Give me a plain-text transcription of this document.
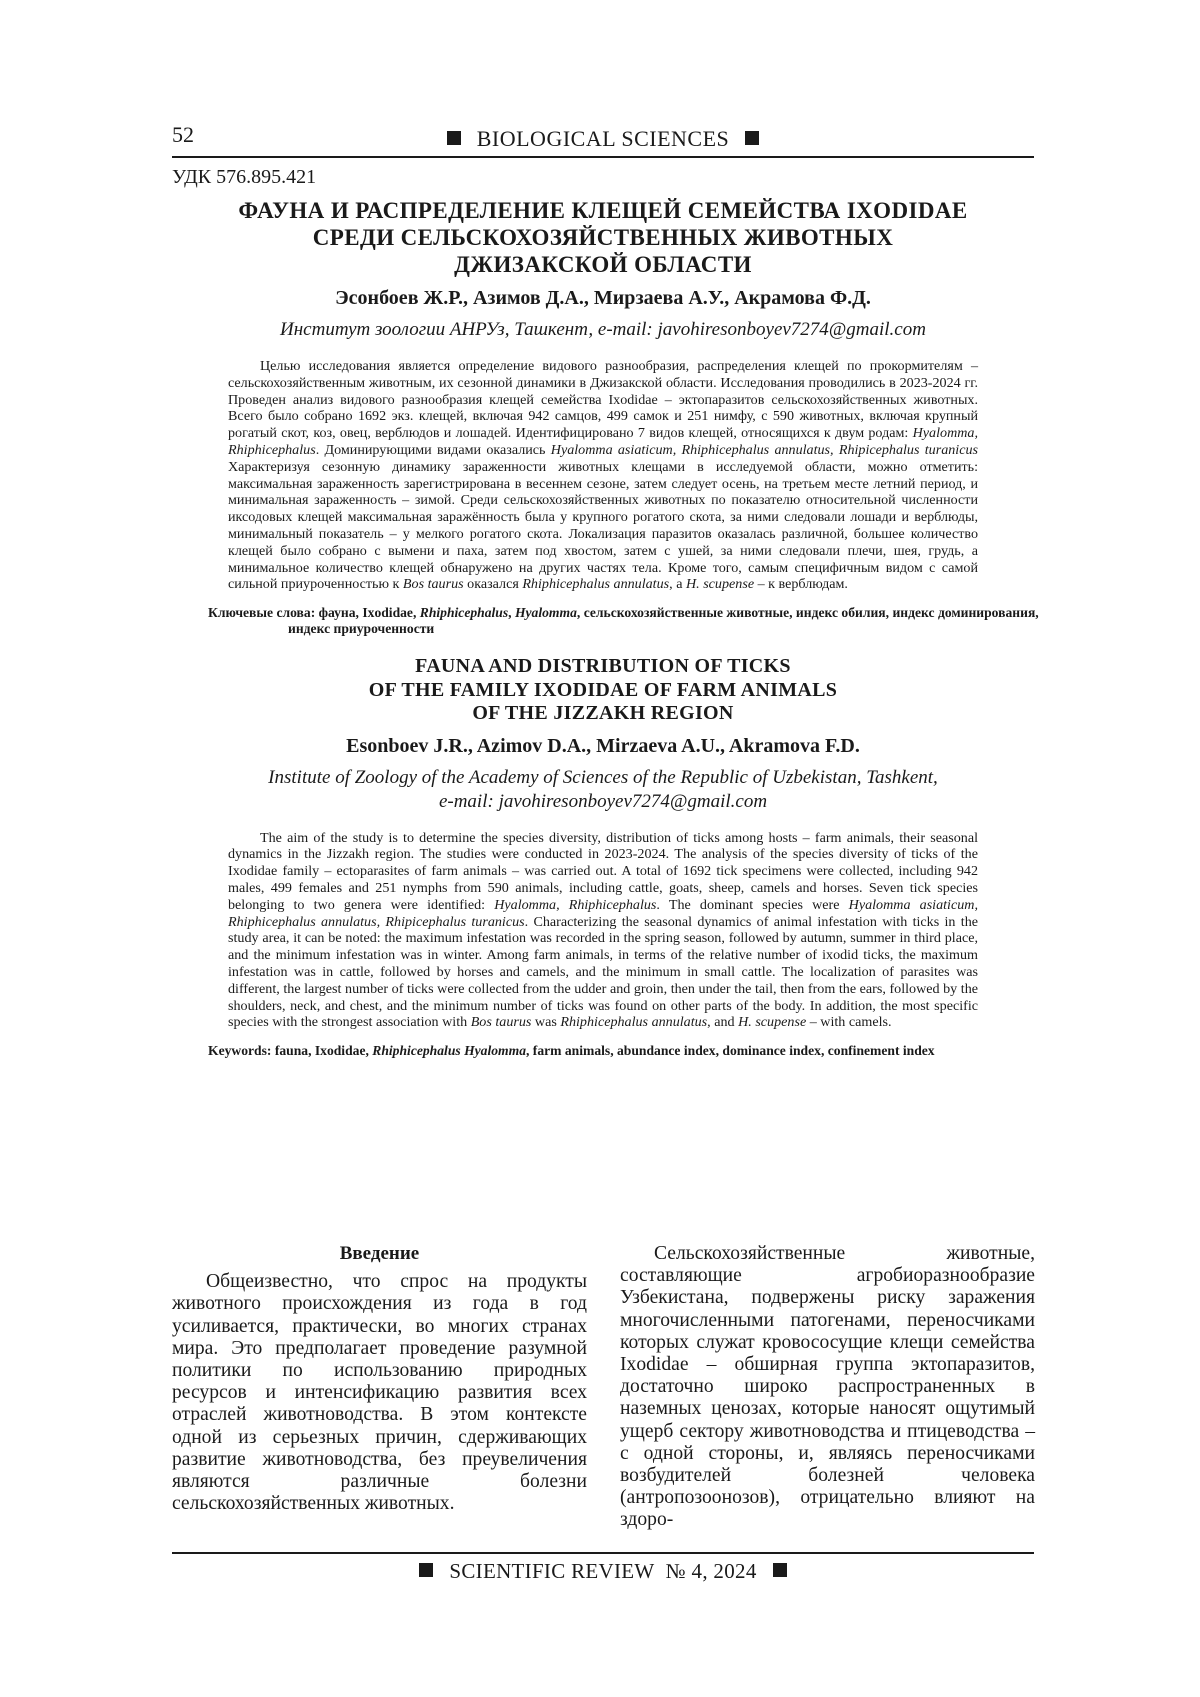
52	BIOLOGICAL SCIENCES
УДК 576.895.421
ФАУНА И РАСПРЕДЕЛЕНИЕ КЛЕЩЕЙ СЕМЕЙСТВА IXODIDAE
СРЕДИ СЕЛЬСКОХОЗЯЙСТВЕННЫХ ЖИВОТНЫХ
ДЖИЗАКСКОЙ ОБЛАСТИ
Эсонбоев Ж.Р., Азимов Д.А., Мирзаева А.У., Акрамова Ф.Д.
Институт зоологии АНРУз, Ташкент, e-mail: javohiresonboyev7274@gmail.com
Целью исследования является определение видового разнообразия, распределения клещей по прокормителям – сельскохозяйственным животным, их сезонной динамики в Джизакской области. Исследования проводились в 2023-2024 гг. Проведен анализ видового разнообразия клещей семейства Ixodidae – эктопаразитов сельскохозяйственных животных. Всего было собрано 1692 экз. клещей, включая 942 самцов, 499 самок и 251 нимфу, с 590 животных, включая крупный рогатый скот, коз, овец, верблюдов и лошадей. Идентифицировано 7 видов клещей, относящихся к двум родам: Hyalomma, Rhiphicephalus. Доминирующими видами оказались Hyalomma asiaticum, Rhiphicephalus annulatus, Rhipicephalus turanicus Характеризуя сезонную динамику зараженности животных клещами в исследуемой области, можно отметить: максимальная зараженность зарегистрирована в весеннем сезоне, затем следует осень, на третьем месте летний период, и минимальная зараженность – зимой. Среди сельскохозяйственных животных по показателю относительной численности иксодовых клещей максимальная заражённость была у крупного рогатого скота, за ними следовали лошади и верблюды, минимальный показатель – у мелкого рогатого скота. Локализация паразитов оказалась различной, большее количество клещей было собрано с вымени и паха, затем под хвостом, затем с ушей, за ними следовали плечи, шея, грудь, а минимальное количество клещей обнаружено на других частях тела. Кроме того, самым специфичным видом с самой сильной приуроченностью к Bos taurus оказался Rhiphicephalus annulatus, а H. scupense – к верблюдам.
Ключевые слова: фауна, Ixodidae, Rhiphicephalus, Hyalomma, сельскохозяйственные животные, индекс обилия, индекс доминирования, индекс приуроченности
FAUNA AND DISTRIBUTION OF TICKS
OF THE FAMILY IXODIDAE OF FARM ANIMALS
OF THE JIZZAKH REGION
Esonboev J.R., Azimov D.A., Mirzaeva A.U., Akramova F.D.
Institute of Zoology of the Academy of Sciences of the Republic of Uzbekistan, Tashkent,
e-mail: javohiresonboyev7274@gmail.com
The aim of the study is to determine the species diversity, distribution of ticks among hosts – farm animals, their seasonal dynamics in the Jizzakh region. The studies were conducted in 2023-2024. The analysis of the species diversity of ticks of the Ixodidae family – ectoparasites of farm animals – was carried out. A total of 1692 tick specimens were collected, including 942 males, 499 females and 251 nymphs from 590 animals, including cattle, goats, sheep, camels and horses. Seven tick species belonging to two genera were identified: Hyalomma, Rhiphicephalus. The dominant species were Hyalomma asiaticum, Rhiphicephalus annulatus, Rhipicephalus turanicus. Characterizing the seasonal dynamics of animal infestation with ticks in the study area, it can be noted: the maximum infestation was recorded in the spring season, followed by autumn, summer in third place, and the minimum infestation was in winter. Among farm animals, in terms of the relative number of ixodid ticks, the maximum infestation was in cattle, followed by horses and camels, and the minimum in small cattle. The localization of parasites was different, the largest number of ticks were collected from the udder and groin, then under the tail, then from the ears, followed by the shoulders, neck, and chest, and the minimum number of ticks was found on other parts of the body. In addition, the most specific species with the strongest association with Bos taurus was Rhiphicephalus annulatus, and H. scupense – with camels.
Keywords: fauna, Ixodidae, Rhiphicephalus Hyalomma, farm animals, abundance index, dominance index, confinement index
Введение
Общеизвестно, что спрос на продукты животного происхождения из года в год усиливается, практически, во многих странах мира. Это предполагает проведение разумной политики по использованию природных ресурсов и интенсификацию развития всех отраслей животноводства. В этом контексте одной из серьезных причин, сдерживающих развитие животноводства, без преувеличения являются различные болезни сельскохозяйственных животных.
Сельскохозяйственные животные, составляющие агробиоразнообразие Узбекистана, подвержены риску заражения многочисленными патогенами, переносчиками которых служат кровососущие клещи семейства Ixodidae – обширная группа эктопаразитов, достаточно широко распространенных в наземных ценозах, которые наносят ощутимый ущерб сектору животноводства и птицеводства – с одной стороны, и, являясь переносчиками возбудителей болезней человека (антропозоонозов), отрицательно влияют на здоро-
SCIENTIFIC REVIEW № 4, 2024
